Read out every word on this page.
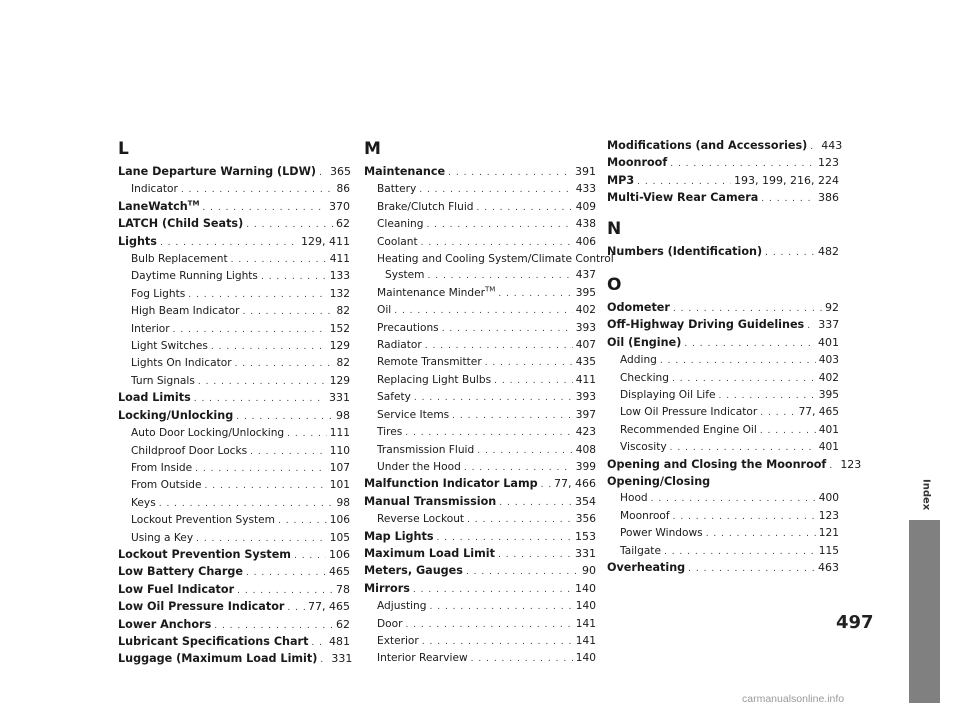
L
Lane Departure Warning (LDW) . . . 365
Indicator . . .	86
LaneWatch™ . . .	370
LATCH (Child Seats) . . .	62
Lights . . .	129, 411
Bulb Replacement . . .	411
Daytime Running Lights . . .	133
Fog Lights . . .	132
High Beam Indicator . . .	82
Interior . . .	152
Light Switches . . .	129
Lights On Indicator . . .	82
Turn Signals . . .	129
Load Limits . . .	331
Locking/Unlocking . . .	98
Auto Door Locking/Unlocking . . .	111
Childproof Door Locks . . .	110
From Inside . . .	107
From Outside . . .	101
Keys . . .	98
Lockout Prevention System . . .	106
Using a Key . . .	105
Lockout Prevention System . . .	106
Low Battery Charge . . .	465
Low Fuel Indicator . . .	78
Low Oil Pressure Indicator . . . 77, 465
Lower Anchors . . .	62
Lubricant Specifications Chart . . . 481
Luggage (Maximum Load Limit) . . . 331
M
Maintenance . . .	391
Battery . . .	433
Brake/Clutch Fluid . . .	409
Cleaning . . .	438
Coolant . . .	406
Heating and Cooling System/Climate Control
System . . .	437
Maintenance Minder™ . . .	395
Oil . . .	402
Precautions . . .	393
Radiator . . .	407
Remote Transmitter . . .	435
Replacing Light Bulbs . . .	411
Safety . . .	393
Service Items . . .	397
Tires . . .	423
Transmission Fluid . . .	408
Under the Hood . . .	399
Malfunction Indicator Lamp . . . 77, 466
Manual Transmission . . .	354
Reverse Lockout . . .	356
Map Lights . . .	153
Maximum Load Limit . . .	331
Meters, Gauges . . .	90
Mirrors . . .	140
Adjusting . . .	140
Door . . .	141
Exterior . . .	141
Interior Rearview . . .	140
Modifications (and Accessories) . . . 443
Moonroof . . .	123
MP3 . . .	193, 199, 216, 224
Multi-View Rear Camera . . .	386
N
Numbers (Identification) . . .	482
O
Odometer . . .	92
Off-Highway Driving Guidelines . . . 337
Oil (Engine) . . .	401
Adding . . .	403
Checking . . .	402
Displaying Oil Life . . .	395
Low Oil Pressure Indicator . . .	77, 465
Recommended Engine Oil . . .	401
Viscosity . . .	401
Opening and Closing the Moonroof . . . 123
Opening/Closing
Hood . . .	400
Moonroof . . .	123
Power Windows . . .	121
Tailgate . . .	115
Overheating . . .	463
Index
497
carmanualsonline.info
